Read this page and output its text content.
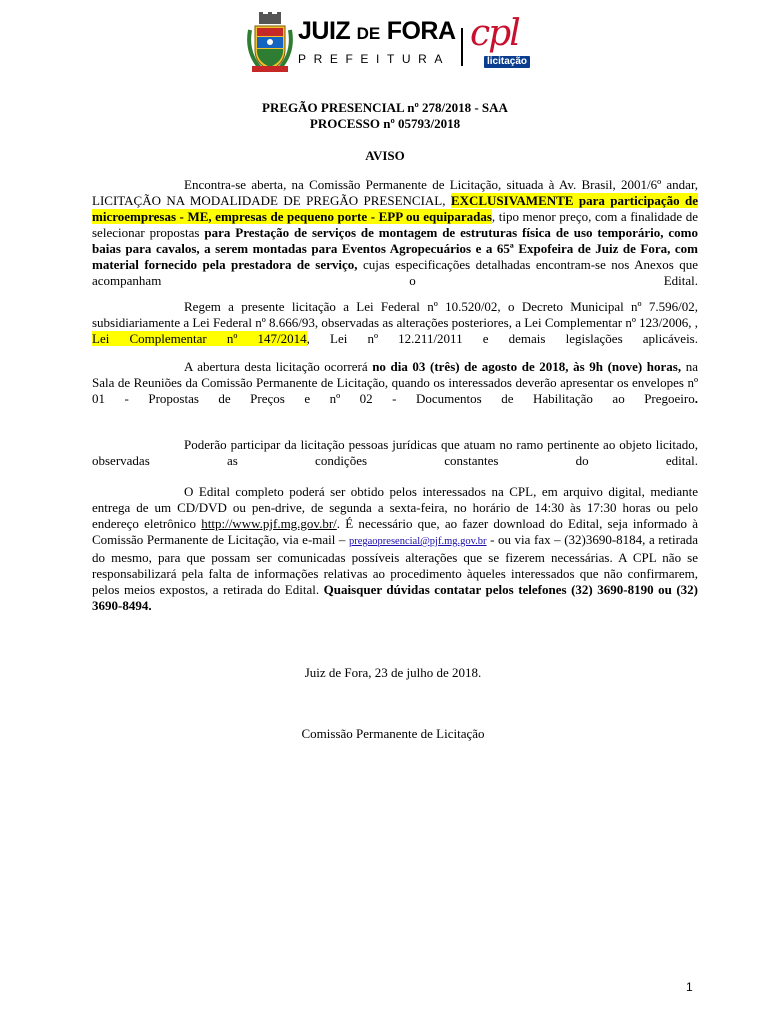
JUIZ DE FORA
PREFEITURA
cpl
licitação

PREGÃO PRESENCIAL nº 278/2018 - SAA

PROCESSO nº 05793/2018

AVISO

Encontra-se aberta, na Comissão Permanente de Licitação, situada à Av. Brasil, 2001/6º andar, LICITAÇÃO NA MODALIDADE DE PREGÃO PRESENCIAL, EXCLUSIVAMENTE para participação de microempresas - ME, empresas de pequeno porte - EPP ou equiparadas, tipo menor preço, com a finalidade de selecionar propostas para Prestação de serviços de montagem de estruturas física de uso temporário, como baias para cavalos, a serem montadas para Eventos Agropecuários e a 65ª Expofeira de Juiz de Fora, com material fornecido pela prestadora de serviço, cujas especificações detalhadas encontram-se nos Anexos que acompanham o Edital.

Regem a presente licitação a Lei Federal nº 10.520/02, o Decreto Municipal nº 7.596/02, subsidiariamente a Lei Federal nº 8.666/93, observadas as alterações posteriores, a Lei Complementar nº 123/2006, , Lei Complementar nº 147/2014, Lei nº 12.211/2011 e demais legislações aplicáveis.

A abertura desta licitação ocorrerá no dia 03 (três) de agosto de 2018, às 9h (nove) horas, na Sala de Reuniões da Comissão Permanente de Licitação, quando os interessados deverão apresentar os envelopes nº 01 - Propostas de Preços e nº 02 - Documentos de Habilitação ao Pregoeiro.

Poderão participar da licitação pessoas jurídicas que atuam no ramo pertinente ao objeto licitado, observadas as condições constantes do edital.

O Edital completo poderá ser obtido pelos interessados na CPL, em arquivo digital, mediante entrega de um CD/DVD ou pen-drive, de segunda a sexta-feira, no horário de 14:30 às 17:30 horas ou pelo endereço eletrônico http://www.pjf.mg.gov.br/. É necessário que, ao fazer download do Edital, seja informado à Comissão Permanente de Licitação, via e-mail – pregaopresencial@pjf.mg.gov.br - ou via fax – (32)3690-8184, a retirada do mesmo, para que possam ser comunicadas possíveis alterações que se fizerem necessárias. A CPL não se responsabilizará pela falta de informações relativas ao procedimento àqueles interessados que não confirmarem, pelos meios expostos, a retirada do Edital. Quaisquer dúvidas contatar pelos telefones (32) 3690-8190 ou (32) 3690-8494.

Juiz de Fora, 23 de julho de 2018.

Comissão Permanente de Licitação

1
